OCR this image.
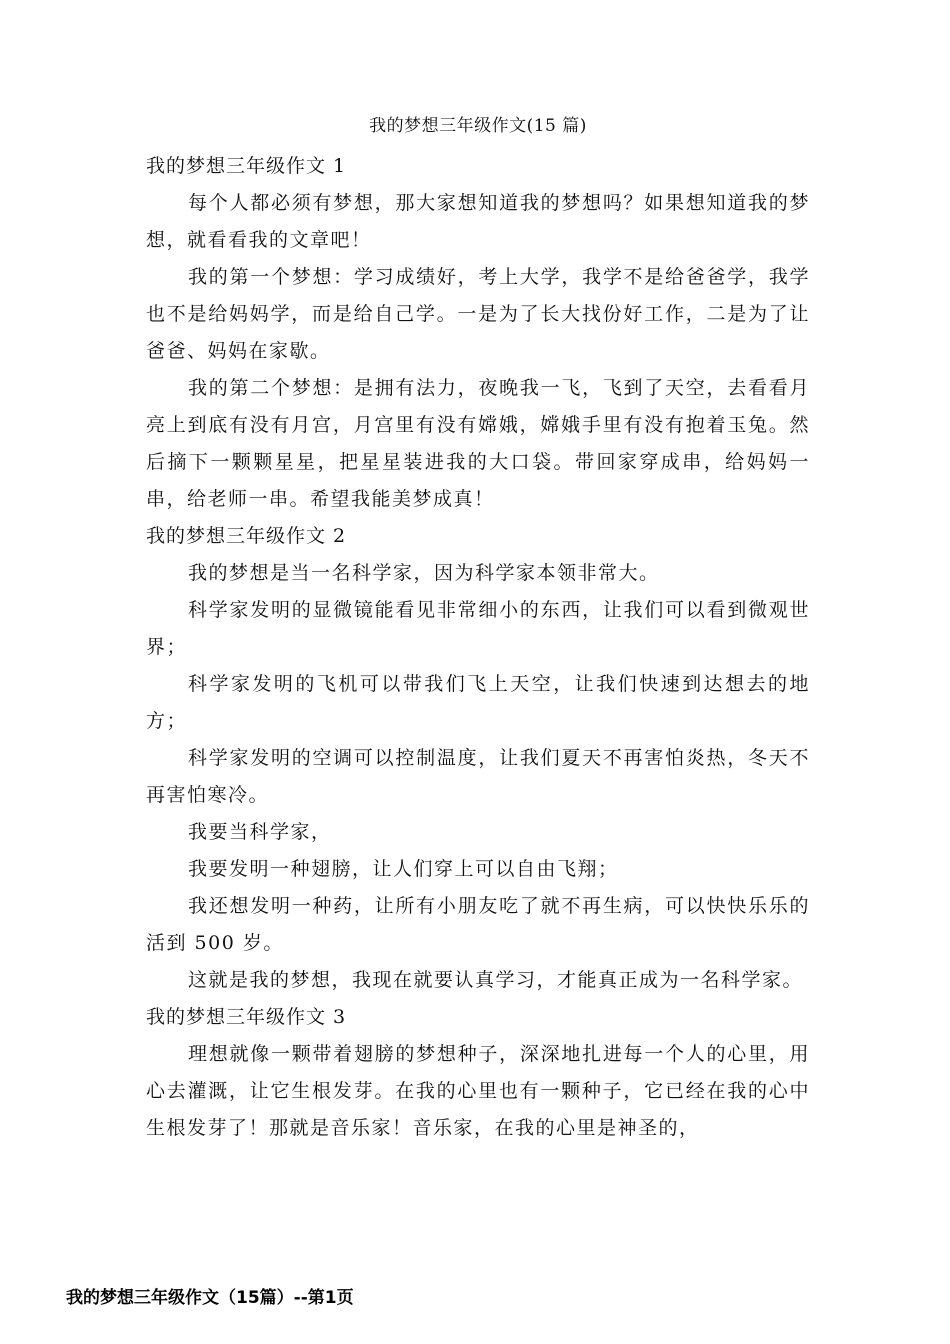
我的梦想三年级作文(15 篇)
我的梦想三年级作文 1

每个人都必须有梦想，那大家想知道我的梦想吗？如果想知道我的梦想，就看看我的文章吧！

我的第一个梦想：学习成绩好，考上大学，我学不是给爸爸学，我学也不是给妈妈学，而是给自己学。一是为了长大找份好工作，二是为了让爸爸、妈妈在家歇。

我的第二个梦想：是拥有法力，夜晚我一飞，飞到了天空，去看看月亮上到底有没有月宫，月宫里有没有嫦娥，嫦娥手里有没有抱着玉兔。然后摘下一颗颗星星，把星星装进我的大口袋。带回家穿成串，给妈妈一串，给老师一串。希望我能美梦成真！

我的梦想三年级作文 2

我的梦想是当一名科学家，因为科学家本领非常大。

科学家发明的显微镜能看见非常细小的东西，让我们可以看到微观世界；

科学家发明的飞机可以带我们飞上天空，让我们快速到达想去的地方；

科学家发明的空调可以控制温度，让我们夏天不再害怕炎热，冬天不再害怕寒冷。

我要当科学家，

我要发明一种翅膀，让人们穿上可以自由飞翔；

我还想发明一种药，让所有小朋友吃了就不再生病，可以快快乐乐的活到 500 岁。

这就是我的梦想，我现在就要认真学习，才能真正成为一名科学家。

我的梦想三年级作文 3

理想就像一颗带着翅膀的梦想种子，深深地扎进每一个人的心里，用心去灌溉，让它生根发芽。在我的心里也有一颗种子，它已经在我的心中生根发芽了！那就是音乐家！音乐家，在我的心里是神圣的，

我的梦想三年级作文（15篇）--第1页
